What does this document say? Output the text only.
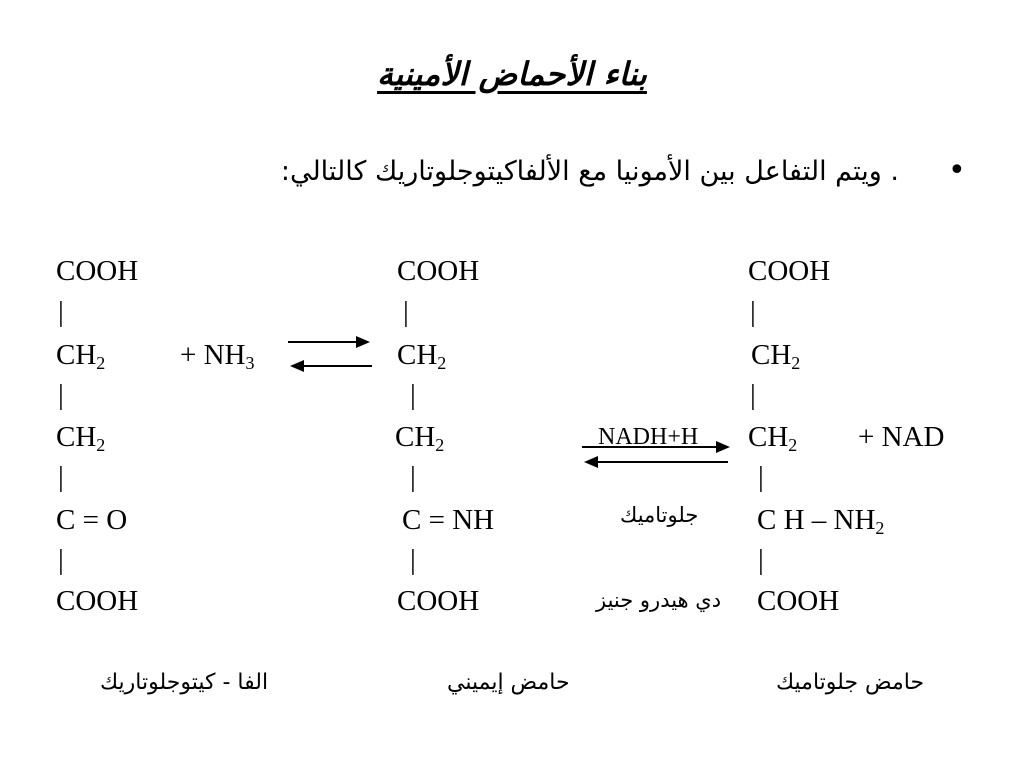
بناء الأحماض الأمينية
•
. ويتم التفاعل بين الأمونيا مع الألفاكيتوجلوتاريك كالتالي:
COOH
|
$CH_2$
|
$CH_2$
|
C = O
|
COOH
الفا - كيتوجلوتاريك
+ $NH_3$
COOH
|
$CH_2$
|
$CH_2$
|
C = NH
|
COOH
حامض إيميني
NADH+H
جلوتاميك
دي هيدرو جنيز
COOH
|
$CH_2$
|
$CH_2$ + NAD
|
C H – $NH_2$
|
COOH
حامض جلوتاميك
